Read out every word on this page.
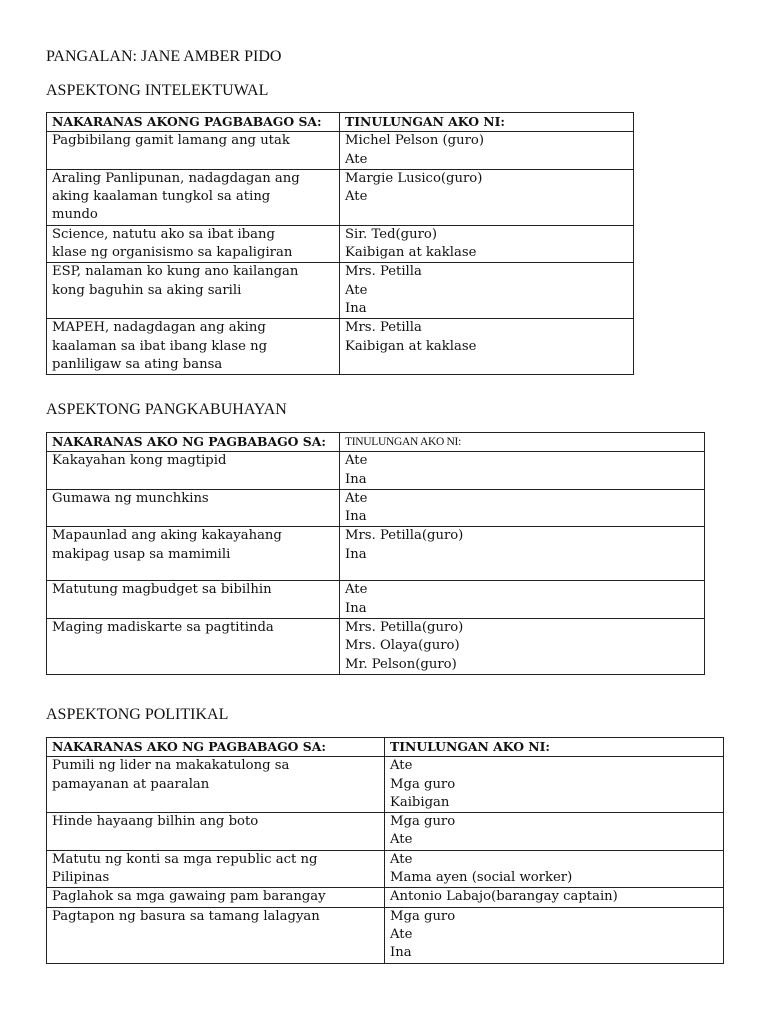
PANGALAN: JANE AMBER PIDO
ASPEKTONG INTELEKTUWAL
NAKARANAS AKONG PAGBABAGO SA:	TINULUNGAN AKO NI:

Pagbibilang gamit lamang ang utak	Michel Pelson (guro)
Ate

Araling Panlipunan, nadagdagan ang
aking kaalaman tungkol sa ating
mundo	Margie Lusico(guro)
Ate

Science, natutu ako sa ibat ibang
klase ng organisismo sa kapaligiran	Sir. Ted(guro)
Kaibigan at kaklase

ESP, nalaman ko kung ano kailangan
kong baguhin sa aking sarili	Mrs. Petilla
Ate
Ina

MAPEH, nadagdagan ang aking
kaalaman sa ibat ibang klase ng
panliligaw sa ating bansa	Mrs. Petilla
Kaibigan at kaklase
ASPEKTONG PANGKABUHAYAN
NAKARANAS AKO NG PAGBABAGO SA:	TINULUNGAN AKO NI:

Kakayahan kong magtipid	Ate
Ina

Gumawa ng munchkins	Ate
Ina

Mapaunlad ang aking kakayahang
makipag usap sa mamimili	Mrs. Petilla(guro)
Ina

Matutung magbudget sa bibilhin	Ate
Ina

Maging madiskarte sa pagtitinda	Mrs. Petilla(guro)
Mrs. Olaya(guro)
Mr. Pelson(guro)
ASPEKTONG POLITIKAL
NAKARANAS AKO NG PAGBABAGO SA:	TINULUNGAN AKO NI:

Pumili ng lider na makakatulong sa
pamayanan at paaralan	Ate
Mga guro
Kaibigan

Hinde hayaang bilhin ang boto	Mga guro
Ate

Matutu ng konti sa mga republic act ng
Pilipinas	Ate
Mama ayen (social worker)

Paglahok sa mga gawaing pam barangay	Antonio Labajo(barangay captain)

Pagtapon ng basura sa tamang lalagyan	Mga guro
Ate
Ina
